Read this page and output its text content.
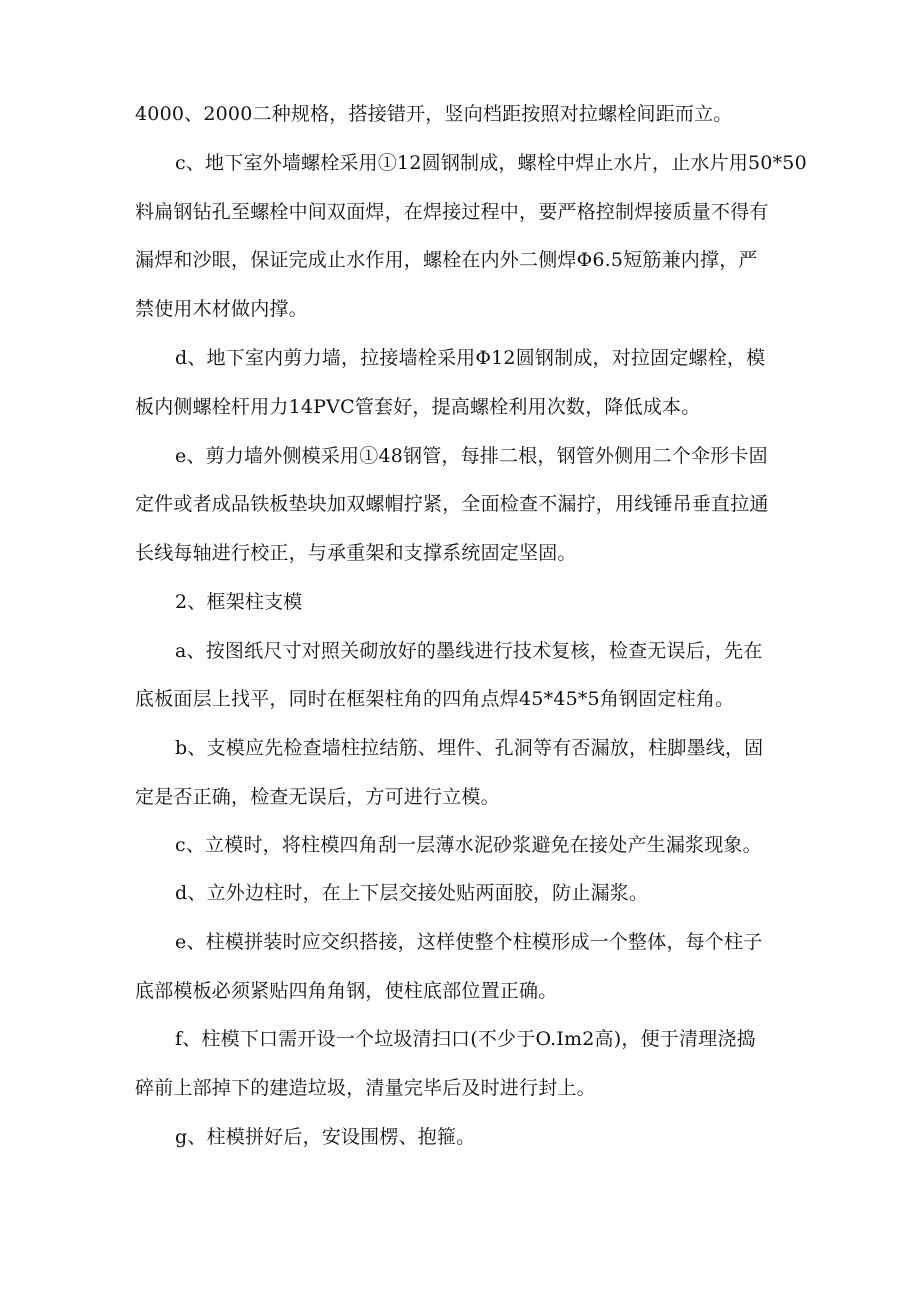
4000、2000二种规格，搭接错开，竖向档距按照对拉螺栓间距而立。
c、地下室外墙螺栓采用①12圆钢制成，螺栓中焊止水片，止水片用50*50
料扁钢钻孔至螺栓中间双面焊，在焊接过程中，要严格控制焊接质量不得有
漏焊和沙眼，保证完成止水作用，螺栓在内外二侧焊Φ6.5短筋兼内撑，严
禁使用木材做内撑。
d、地下室内剪力墙，拉接墙栓采用Φ12圆钢制成，对拉固定螺栓，模
板内侧螺栓杆用力14PVC管套好，提高螺栓利用次数，降低成本。
e、剪力墙外侧模采用①48钢管，每排二根，钢管外侧用二个伞形卡固
定件或者成品铁板垫块加双螺帽拧紧，全面检查不漏拧，用线锤吊垂直拉通
长线每轴进行校正，与承重架和支撑系统固定坚固。
2、框架柱支模
a、按图纸尺寸对照关砌放好的墨线进行技术复核，检查无误后，先在
底板面层上找平，同时在框架柱角的四角点焊45*45*5角钢固定柱角。
b、支模应先检查墙柱拉结筋、埋件、孔洞等有否漏放，柱脚墨线，固
定是否正确，检查无误后，方可进行立模。
c、立模时，将柱模四角刮一层薄水泥砂浆避免在接处产生漏浆现象。
d、立外边柱时，在上下层交接处贴两面胶，防止漏浆。
e、柱模拼装时应交织搭接，这样使整个柱模形成一个整体，每个柱子
底部模板必须紧贴四角角钢，使柱底部位置正确。
f、柱模下口需开设一个垃圾清扫口(不少于O.Im2高)，便于清理浇捣
碎前上部掉下的建造垃圾，清量完毕后及时进行封上。
g、柱模拼好后，安设围楞、抱箍。
